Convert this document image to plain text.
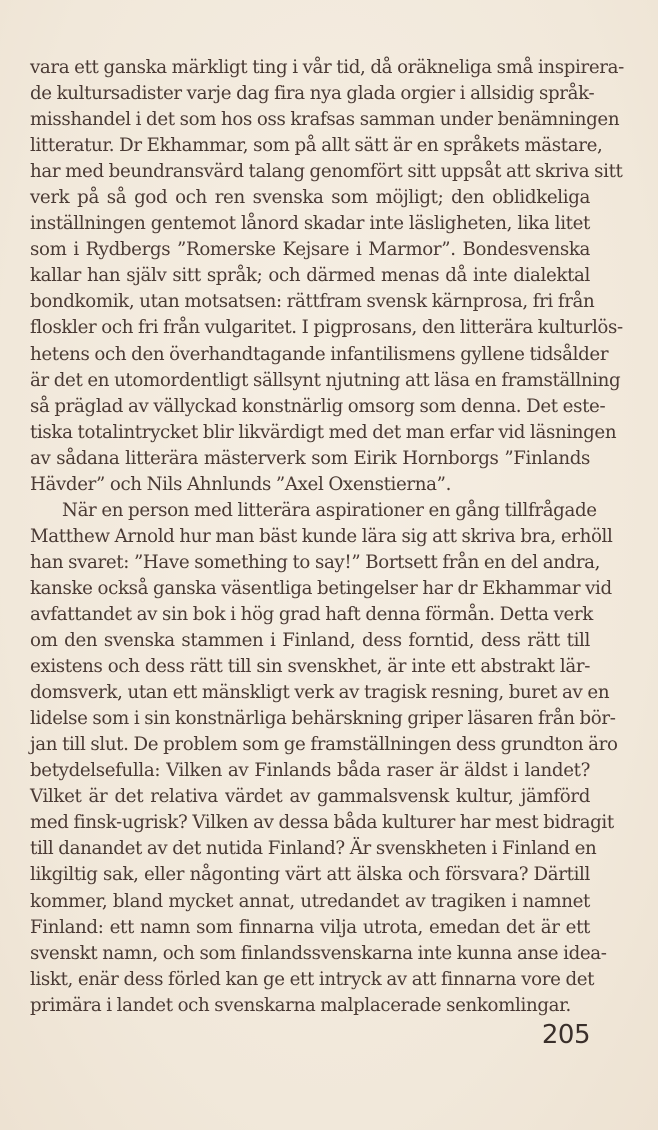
vara ett ganska märkligt ting i vår tid, då oräkneliga små inspirera-
de kultursadister varje dag fira nya glada orgier i allsidig språk-
misshandel i det som hos oss krafsas samman under benämningen
litteratur. Dr Ekhammar, som på allt sätt är en språkets mästare,
har med beundransvärd talang genomfört sitt uppsåt att skriva sitt
verk på så god och ren svenska som möjligt; den oblidkeliga
inställningen gentemot lånord skadar inte läsligheten, lika litet
som i Rydbergs ”Romerske Kejsare i Marmor”. Bondesvenska
kallar han själv sitt språk; och därmed menas då inte dialektal
bondkomik, utan motsatsen: rättfram svensk kärnprosa, fri från
floskler och fri från vulgaritet. I pigprosans, den litterära kulturlös-
hetens och den överhandtagande infantilismens gyllene tidsålder
är det en utomordentligt sällsynt njutning att läsa en framställning
så präglad av vällyckad konstnärlig omsorg som denna. Det este-
tiska totalintrycket blir likvärdigt med det man erfar vid läsningen
av sådana litterära mästerverk som Eirik Hornborgs ”Finlands
Hävder” och Nils Ahnlunds ”Axel Oxenstierna”.
När en person med litterära aspirationer en gång tillfrågade
Matthew Arnold hur man bäst kunde lära sig att skriva bra, erhöll
han svaret: ”Have something to say!” Bortsett från en del andra,
kanske också ganska väsentliga betingelser har dr Ekhammar vid
avfattandet av sin bok i hög grad haft denna förmån. Detta verk
om den svenska stammen i Finland, dess forntid, dess rätt till
existens och dess rätt till sin svenskhet, är inte ett abstrakt lär-
domsverk, utan ett mänskligt verk av tragisk resning, buret av en
lidelse som i sin konstnärliga behärskning griper läsaren från bör-
jan till slut. De problem som ge framställningen dess grundton äro
betydelsefulla: Vilken av Finlands båda raser är äldst i landet?
Vilket är det relativa värdet av gammalsvensk kultur, jämförd
med finsk-ugrisk? Vilken av dessa båda kulturer har mest bidragit
till danandet av det nutida Finland? Är svenskheten i Finland en
likgiltig sak, eller någonting värt att älska och försvara? Därtill
kommer, bland mycket annat, utredandet av tragiken i namnet
Finland: ett namn som finnarna vilja utrota, emedan det är ett
svenskt namn, och som finlandssvenskarna inte kunna anse idea-
liskt, enär dess förled kan ge ett intryck av att finnarna vore det
primära i landet och svenskarna malplacerade senkomlingar.
205
